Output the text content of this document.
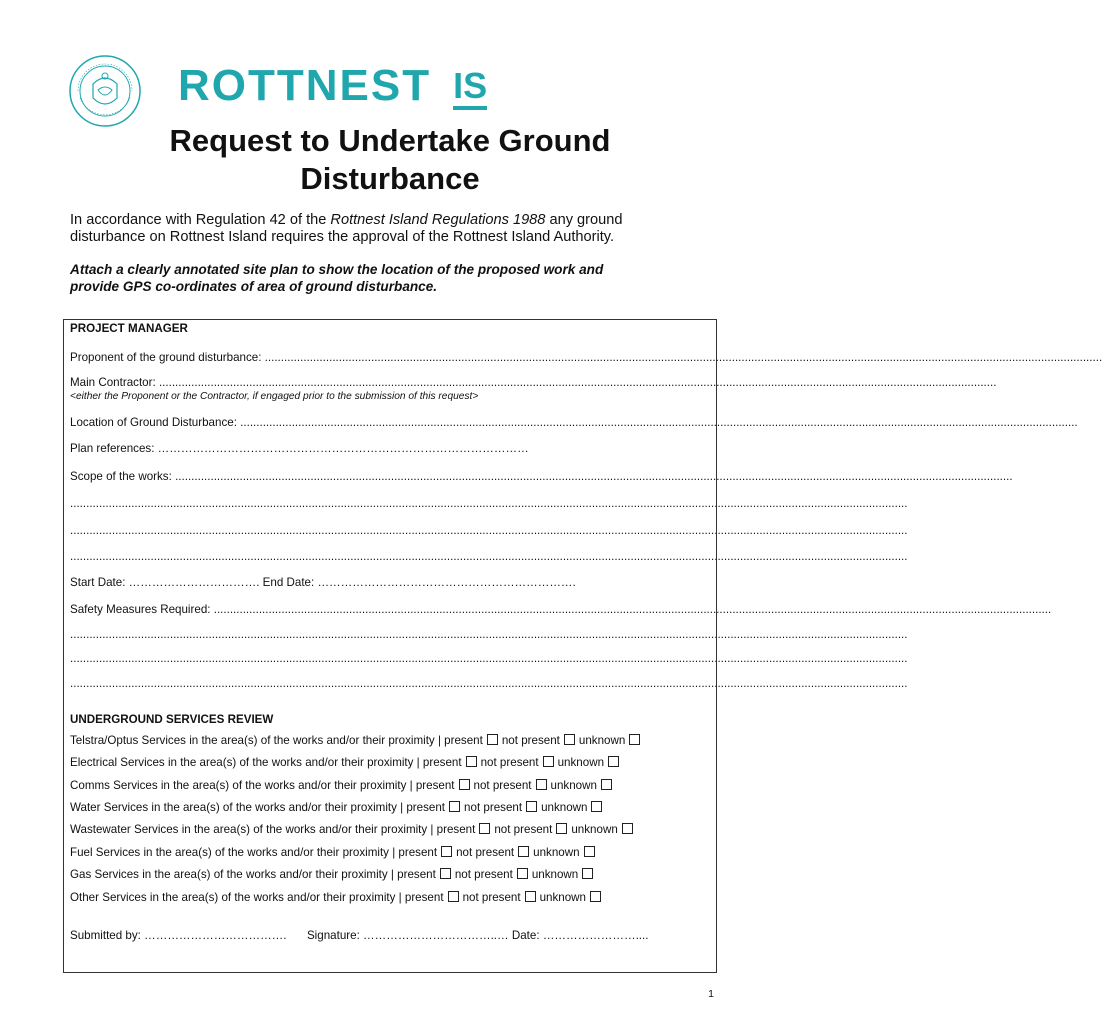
ROTTNEST IS
Request to Undertake Ground
Disturbance
In accordance with Regulation 42 of the Rottnest Island Regulations 1988 any ground
disturbance on Rottnest Island requires the approval of the Rottnest Island Authority.
Attach a clearly annotated site plan to show the location of the proposed work and
provide GPS co-ordinates of area of ground disturbance.
PROJECT MANAGER
Proponent of the ground disturbance: ....................................................................................................................................................................................................................................................................
Main Contractor: ....................................................................................................................................................................................................................................................................
<either the Proponent or the Contractor, if engaged prior to the submission of this request>
Location of Ground Disturbance: ....................................................................................................................................................................................................................................................................
Plan references: ……………………………………………………………………………………
Scope of the works: ....................................................................................................................................................................................................................................................................
....................................................................................................................................................................................................................................................................
....................................................................................................................................................................................................................................................................
....................................................................................................................................................................................................................................................................
Start Date: ……………………………. End Date: ………………………………………………………….
Safety Measures Required: ....................................................................................................................................................................................................................................................................
....................................................................................................................................................................................................................................................................
....................................................................................................................................................................................................................................................................
....................................................................................................................................................................................................................................................................
UNDERGROUND SERVICES REVIEW
Telstra/Optus Services in the area(s) of the works and/or their proximity | present not present unknown
Electrical Services in the area(s) of the works and/or their proximity | present not present unknown
Comms Services in the area(s) of the works and/or their proximity | present not present unknown
Water Services in the area(s) of the works and/or their proximity | present not present unknown
Wastewater Services in the area(s) of the works and/or their proximity | present not present unknown
Fuel Services in the area(s) of the works and/or their proximity | present not present unknown
Gas Services in the area(s) of the works and/or their proximity | present not present unknown
Other Services in the area(s) of the works and/or their proximity | present not present unknown
Submitted by: ………………………………. Signature: ……………………………..… Date: ……………………....
1
